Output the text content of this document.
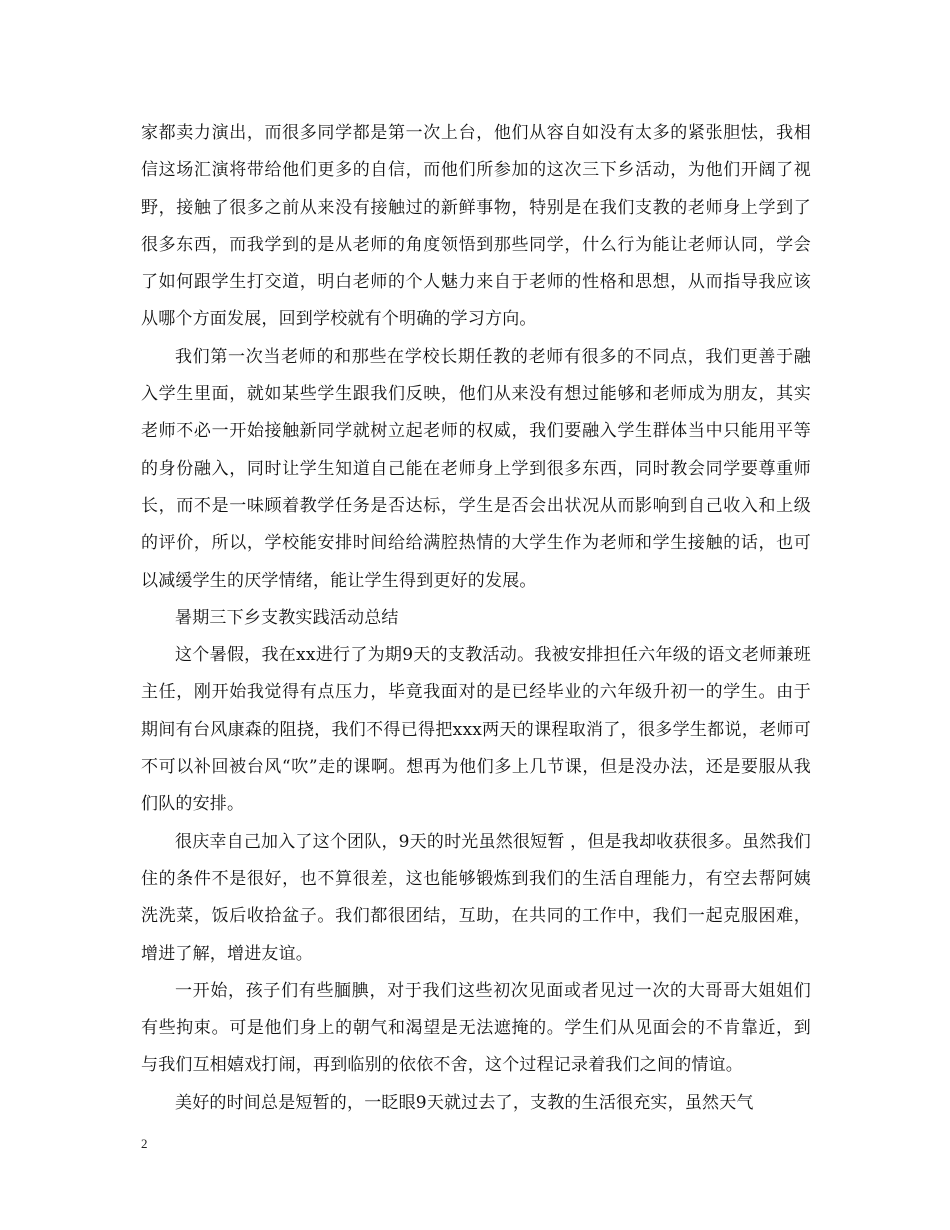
家都卖力演出，而很多同学都是第一次上台，他们从容自如没有太多的紧张胆怯，我相信这场汇演将带给他们更多的自信，而他们所参加的这次三下乡活动，为他们开阔了视野，接触了很多之前从来没有接触过的新鲜事物，特别是在我们支教的老师身上学到了很多东西，而我学到的是从老师的角度领悟到那些同学，什么行为能让老师认同，学会了如何跟学生打交道，明白老师的个人魅力来自于老师的性格和思想，从而指导我应该从哪个方面发展，回到学校就有个明确的学习方向。

我们第一次当老师的和那些在学校长期任教的老师有很多的不同点，我们更善于融入学生里面，就如某些学生跟我们反映，他们从来没有想过能够和老师成为朋友，其实老师不必一开始接触新同学就树立起老师的权威，我们要融入学生群体当中只能用平等的身份融入，同时让学生知道自己能在老师身上学到很多东西，同时教会同学要尊重师长，而不是一味顾着教学任务是否达标，学生是否会出状况从而影响到自己收入和上级的评价，所以，学校能安排时间给给满腔热情的大学生作为老师和学生接触的话，也可以减缓学生的厌学情绪，能让学生得到更好的发展。

暑期三下乡支教实践活动总结

这个暑假，我在xx进行了为期9天的支教活动。我被安排担任六年级的语文老师兼班主任，刚开始我觉得有点压力，毕竟我面对的是已经毕业的六年级升初一的学生。由于期间有台风康森的阻挠，我们不得已得把xxx两天的课程取消了，很多学生都说，老师可不可以补回被台风“吹”走的课啊。想再为他们多上几节课，但是没办法，还是要服从我们队的安排。

很庆幸自己加入了这个团队，9天的时光虽然很短暂 ，但是我却收获很多。虽然我们住的条件不是很好，也不算很差，这也能够锻炼到我们的生活自理能力，有空去帮阿姨洗洗菜，饭后收拾盆子。我们都很团结，互助，在共同的工作中，我们一起克服困难，增进了解，增进友谊。

一开始，孩子们有些腼腆，对于我们这些初次见面或者见过一次的大哥哥大姐姐们有些拘束。可是他们身上的朝气和渴望是无法遮掩的。学生们从见面会的不肯靠近，到与我们互相嬉戏打闹，再到临别的依依不舍，这个过程记录着我们之间的情谊。

美好的时间总是短暂的，一眨眼9天就过去了，支教的生活很充实，虽然天气

2
